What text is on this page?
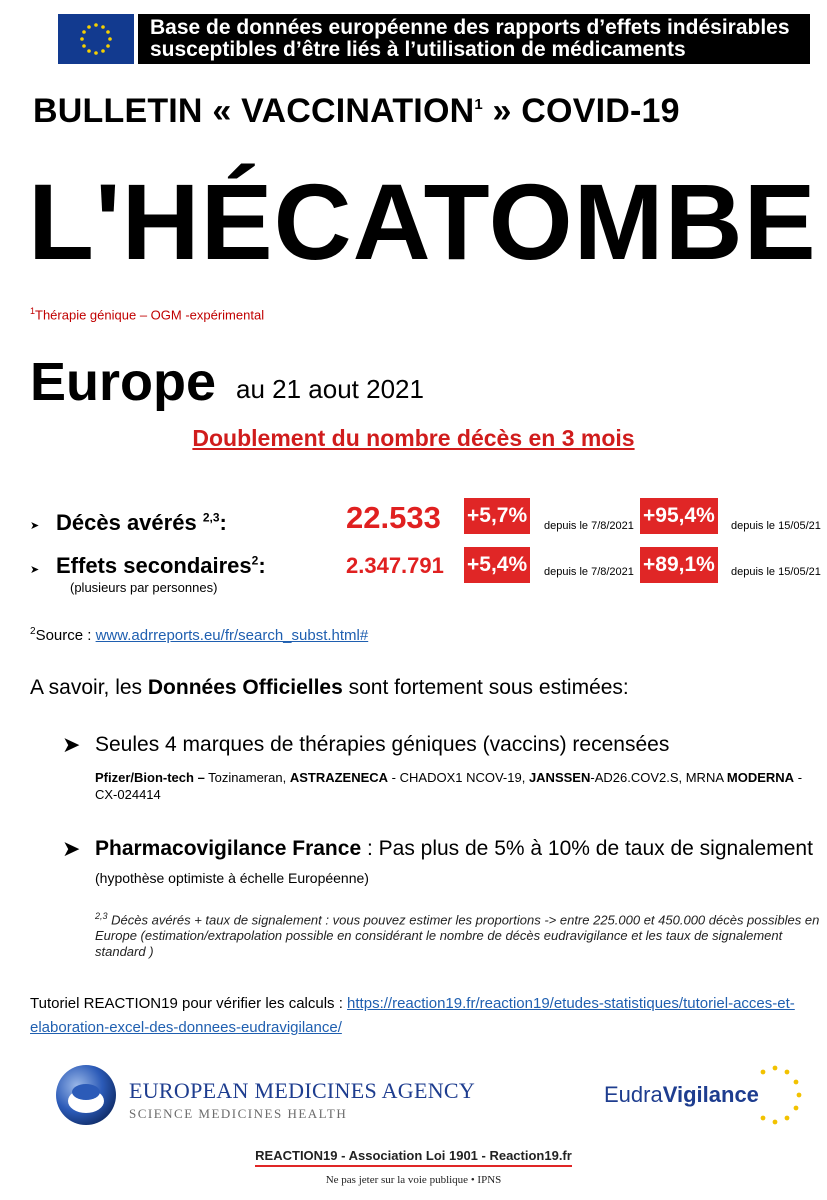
Base de données européenne des rapports d’effets indésirables
susceptibles d’être liés à l’utilisation de médicaments
BULLETIN « VACCINATION$^1$ » COVID-19
L'HÉCATOMBE
$^1$Thérapie génique – OGM -expérimental
Europe au 21 aout 2021
Doublement du nombre décès en 3 mois
➤ Décès avérés $^{2,3}$:	22.533 +5,7% depuis le 7/8/2021 +95,4% depuis le 15/05/21
➤ Effets secondaires$^2$:
(plusieurs par personnes)
2.347.791 +5,4% depuis le 7/8/2021 +89,1% depuis le 15/05/21
$^2$Source : www.adrreports.eu/fr/search_subst.html#
A savoir, les Données Officielles sont fortement sous estimées:
➤ Seules 4 marques de thérapies géniques (vaccins) recensées
Pfizer/Bion-tech – Tozinameran, ASTRAZENECA - CHADOX1 NCOV-19, JANSSEN-AD26.COV2.S, MRNA MODERNA -CX-024414
➤ Pharmacovigilance France : Pas plus de 5% à 10% de taux de signalement (hypothèse optimiste à échelle Européenne)
$^{2,3}$ Décès avérés + taux de signalement : vous pouvez estimer les proportions -> entre 225.000 et 450.000 décès possibles en Europe (estimation/extrapolation possible en considérant le nombre de décès eudravigilance et les taux de signalement standard )
Tutoriel REACTION19 pour vérifier les calculs : https://reaction19.fr/reaction19/etudes-statistiques/tutoriel-acces-et-elaboration-excel-des-donnees-eudravigilance/
EUROPEAN MEDICINES AGENCY
SCIENCE MEDICINES HEALTH
EudraVigilance
REACTION19 - Association Loi 1901 - Reaction19.fr
Ne pas jeter sur la voie publique • IPNS
